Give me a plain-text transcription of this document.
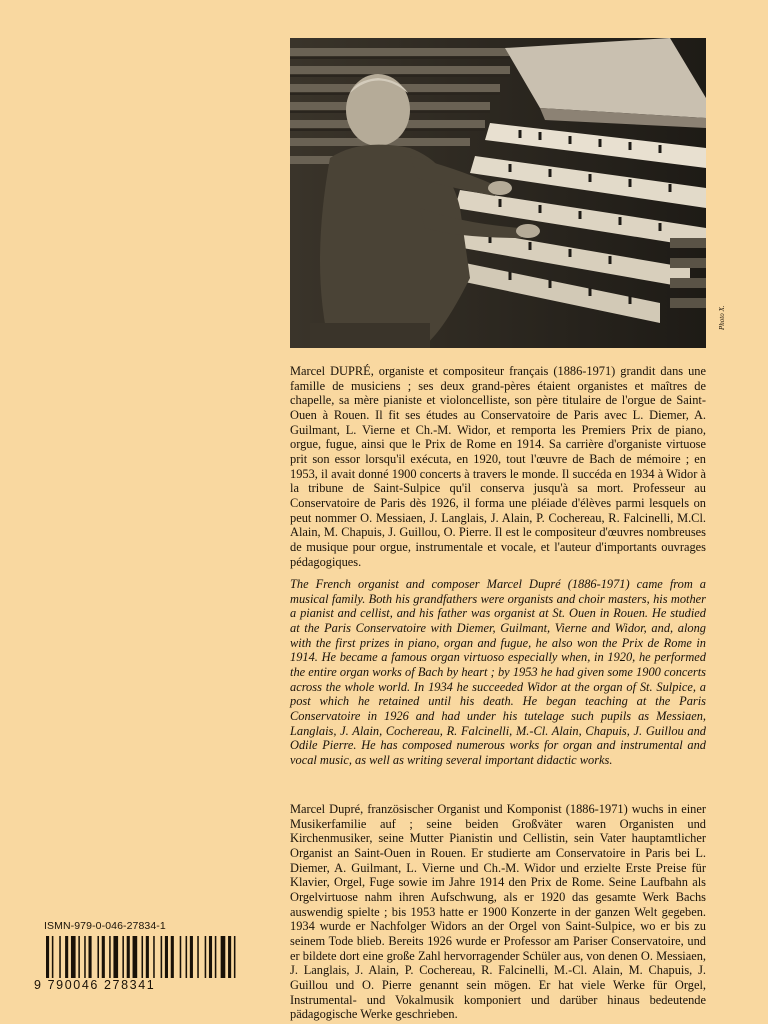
Photo X.

Marcel DUPRÉ, organiste et compositeur français (1886-1971) grandit dans une famille de musiciens ; ses deux grand-pères étaient organistes et maîtres de chapelle, sa mère pianiste et violoncelliste, son père titulaire de l'orgue de Saint-Ouen à Rouen. Il fit ses études au Conservatoire de Paris avec L. Diemer, A. Guilmant, L. Vierne et Ch.-M. Widor, et remporta les Premiers Prix de piano, orgue, fugue, ainsi que le Prix de Rome en 1914. Sa carrière d'organiste virtuose prit son essor lorsqu'il exécuta, en 1920, tout l'œuvre de Bach de mémoire ; en 1953, il avait donné 1900 concerts à travers le monde. Il succéda en 1934 à Widor à la tribune de Saint-Sulpice qu'il conserva jusqu'à sa mort. Professeur au Conservatoire de Paris dès 1926, il forma une pléiade d'élèves parmi lesquels on peut nommer O. Messiaen, J. Langlais, J. Alain, P. Cochereau, R. Falcinelli, M.Cl. Alain, M. Chapuis, J. Guillou, O. Pierre. Il est le compositeur d'œuvres nombreuses de musique pour orgue, instrumentale et vocale, et l'auteur d'importants ouvrages pédagogiques.

The French organist and composer Marcel Dupré (1886-1971) came from a musical family. Both his grandfathers were organists and choir masters, his mother a pianist and cellist, and his father was organist at St. Ouen in Rouen. He studied at the Paris Conservatoire with Diemer, Guilmant, Vierne and Widor, and, along with the first prizes in piano, organ and fugue, he also won the Prix de Rome in 1914. He became a famous organ virtuoso especially when, in 1920, he performed the entire organ works of Bach by heart ; by 1953 he had given some 1900 concerts across the whole world. In 1934 he succeeded Widor at the organ of St. Sulpice, a post which he retained until his death. He began teaching at the Paris Conservatoire in 1926 and had under his tutelage such pupils as Messiaen, Langlais, J. Alain, Cochereau, R. Falcinelli, M.-Cl. Alain, Chapuis, J. Guillou and Odile Pierre. He has composed numerous works for organ and instrumental and vocal music, as well as writing several important didactic works.

Marcel Dupré, französischer Organist und Komponist (1886-1971) wuchs in einer Musikerfamilie auf ; seine beiden Großväter waren Organisten und Kirchenmusiker, seine Mutter Pianistin und Cellistin, sein Vater hauptamtlicher Organist an Saint-Ouen in Rouen. Er studierte am Conservatoire in Paris bei L. Diemer, A. Guilmant, L. Vierne und Ch.-M. Widor und erzielte Erste Preise für Klavier, Orgel, Fuge sowie im Jahre 1914 den Prix de Rome. Seine Laufbahn als Orgelvirtuose nahm ihren Aufschwung, als er 1920 das gesamte Werk Bachs auswendig spielte ; bis 1953 hatte er 1900 Konzerte in der ganzen Welt gegeben. 1934 wurde er Nachfolger Widors an der Orgel von Saint-Sulpice, wo er bis zu seinem Tode blieb. Bereits 1926 wurde er Professor am Pariser Conservatoire, und er bildete dort eine große Zahl hervorragender Schüler aus, von denen O. Messiaen, J. Langlais, J. Alain, P. Cochereau, R. Falcinelli, M.-Cl. Alain, M. Chapuis, J. Guillou und O. Pierre genannt sein mögen. Er hat viele Werke für Orgel, Instrumental- und Vokalmusik komponiert und darüber hinaus bedeutende pädagogische Werke geschrieben.

ISMN-979-0-046-27834-1
9 790046 278341
